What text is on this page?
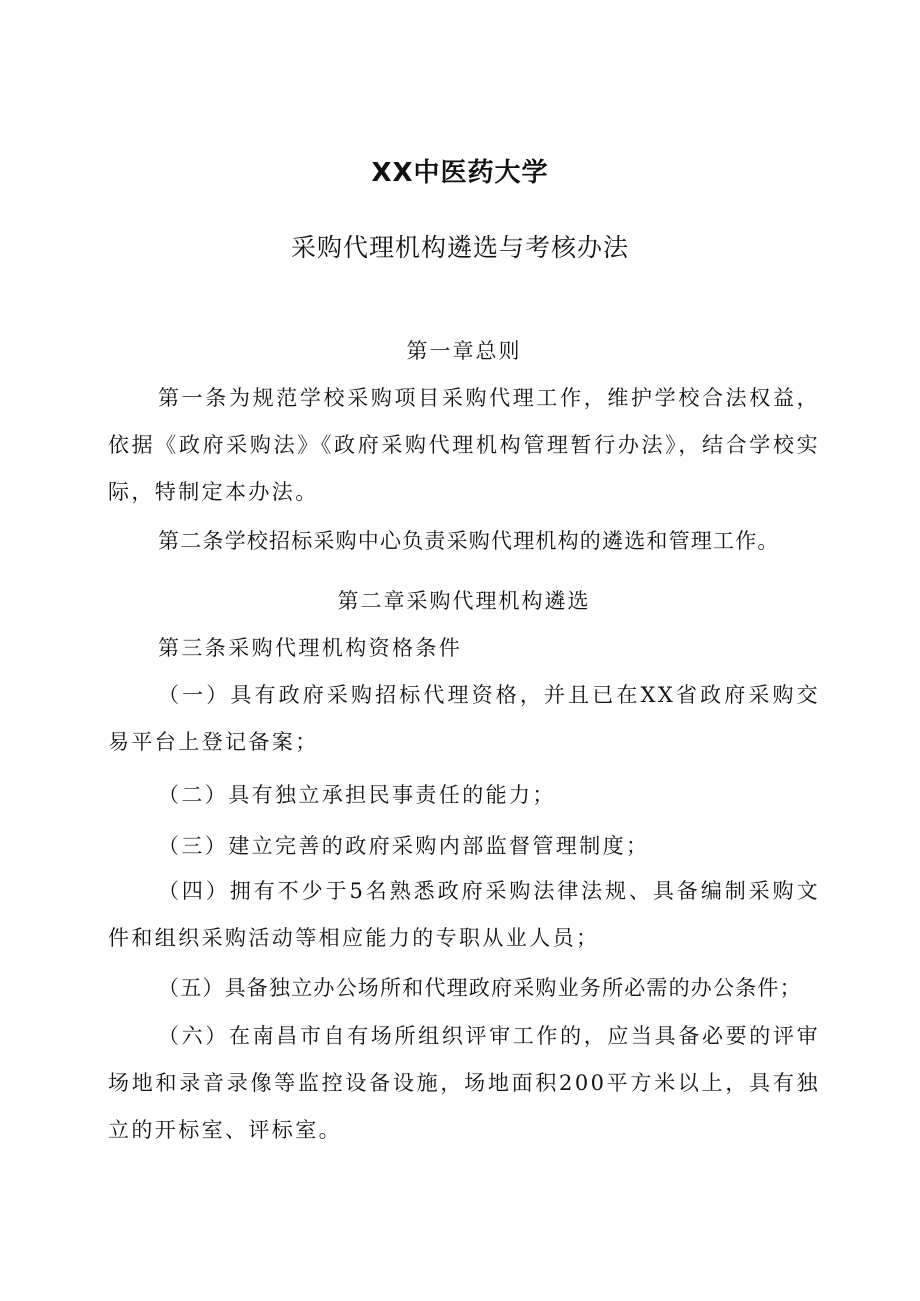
XX中医药大学
采购代理机构遴选与考核办法

第一章总则

第一条为规范学校采购项目采购代理工作，维护学校合法权益，依据《政府采购法》《政府采购代理机构管理暂行办法》，结合学校实际，特制定本办法。

第二条学校招标采购中心负责采购代理机构的遴选和管理工作。

第二章采购代理机构遴选

第三条采购代理机构资格条件

（一）具有政府采购招标代理资格，并且已在XX省政府采购交易平台上登记备案；

（二）具有独立承担民事责任的能力；

（三）建立完善的政府采购内部监督管理制度；

（四）拥有不少于5名熟悉政府采购法律法规、具备编制采购文件和组织采购活动等相应能力的专职从业人员；

（五）具备独立办公场所和代理政府采购业务所必需的办公条件；

（六）在南昌市自有场所组织评审工作的，应当具备必要的评审场地和录音录像等监控设备设施，场地面积200平方米以上，具有独立的开标室、评标室。
